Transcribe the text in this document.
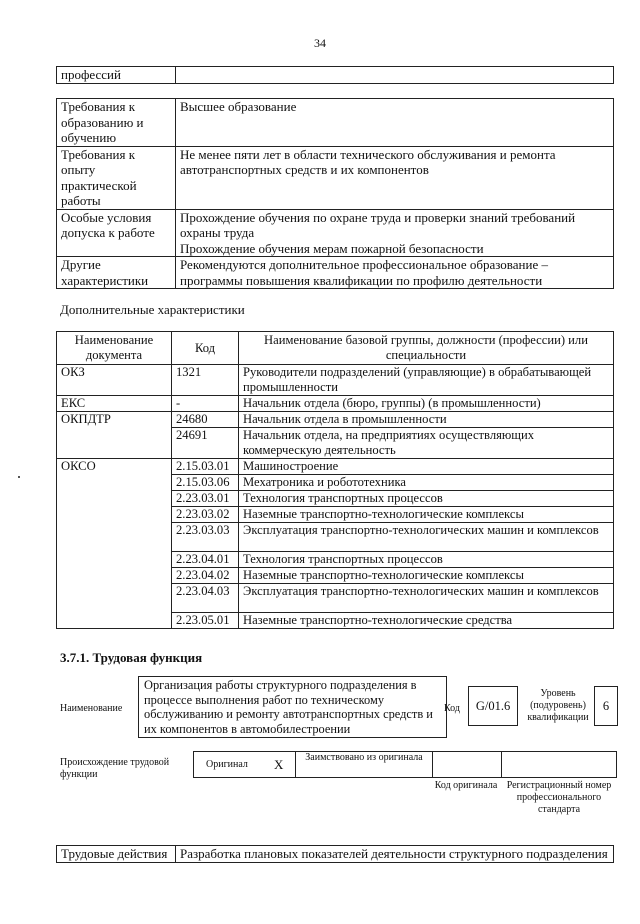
34
профессий	
Требования к образованию и обучению	Высшее образование
Требования к опыту практической работы	Не менее пяти лет в области технического обслуживания и ремонта автотранспортных средств и их компонентов
Особые условия допуска к работе	Прохождение обучения по охране труда и проверки знаний требований охраны труда
Прохождение обучения мерам пожарной безопасности

Другие характеристики	Рекомендуются дополнительное профессиональное образование –программы повышения квалификации по профилю деятельности
Дополнительные характеристики
Наименование документа	Код	Наименование базовой группы, должности (профессии) или специальности
ОКЗ	1321	Руководители подразделений (управляющие) в обрабатывающей промышленности
ЕКС	-	Начальник отдела (бюро, группы) (в промышленности)
ОКПДТР	24680	Начальник отдела в промышленности
	24691	Начальник отдела, на предприятиях осуществляющих коммерческую деятельность
ОКСО	2.15.03.01	Машиностроение
	2.15.03.06	Мехатроника и робототехника
	2.23.03.01	Технология транспортных процессов
	2.23.03.02	Наземные транспортно-технологические комплексы
	2.23.03.03	Эксплуатация транспортно-технологических машин и комплексов
	2.23.04.01	Технология транспортных процессов
	2.23.04.02	Наземные транспортно-технологические комплексы
	2.23.04.03	Эксплуатация транспортно-технологических машин и комплексов
	2.23.05.01	Наземные транспортно-технологические средства
3.7.1. Трудовая функция
Наименование
Организация работы структурного подразделения в процессе выполнения работ по техническому обслуживанию и ремонту автотранспортных средств и их компонентов в автомобилестроении
Код	G/01.6
Уровень (подуровень) квалификации
6
Происхождение трудовой функции
Оригинал X	Заимствовано из оригинала
Код оригинала Регистрационный номер профессионального стандарта
Трудовые действия	Разработка плановых показателей деятельности структурного подразделения
